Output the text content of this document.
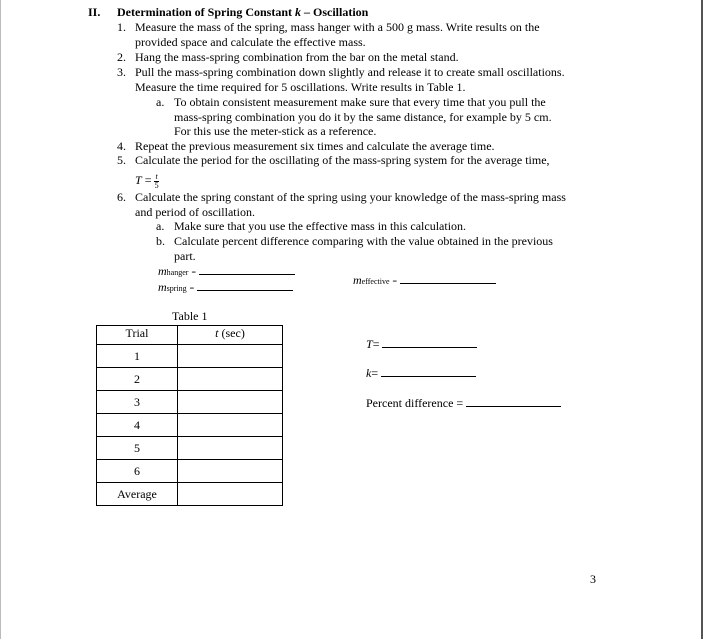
II. Determination of Spring Constant k – Oscillation
1. Measure the mass of the spring, mass hanger with a 500 g mass. Write results on the
provided space and calculate the effective mass.
2. Hang the mass-spring combination from the bar on the metal stand.
3. Pull the mass-spring combination down slightly and release it to create small oscillations.
Measure the time required for 5 oscillations. Write results in Table 1.
a. To obtain consistent measurement make sure that every time that you pull the
mass-spring combination you do it by the same distance, for example by 5 cm.
For this use the meter-stick as a reference.
4. Repeat the previous measurement six times and calculate the average time.
5. Calculate the period for the oscillating of the mass-spring system for the average time,
$T = \frac{t}{5}$
6. Calculate the spring constant of the spring using your knowledge of the mass-spring mass
and period of oscillation.
a. Make sure that you use the effective mass in this calculation.
b. Calculate percent difference comparing with the value obtained in the previous
part.
mhanger =
mspring =
meffective =
Table 1
Trial	t (sec)
1	
2	
3	
4	
5	
6	
Average	
T=
k=
Percent difference =
3
